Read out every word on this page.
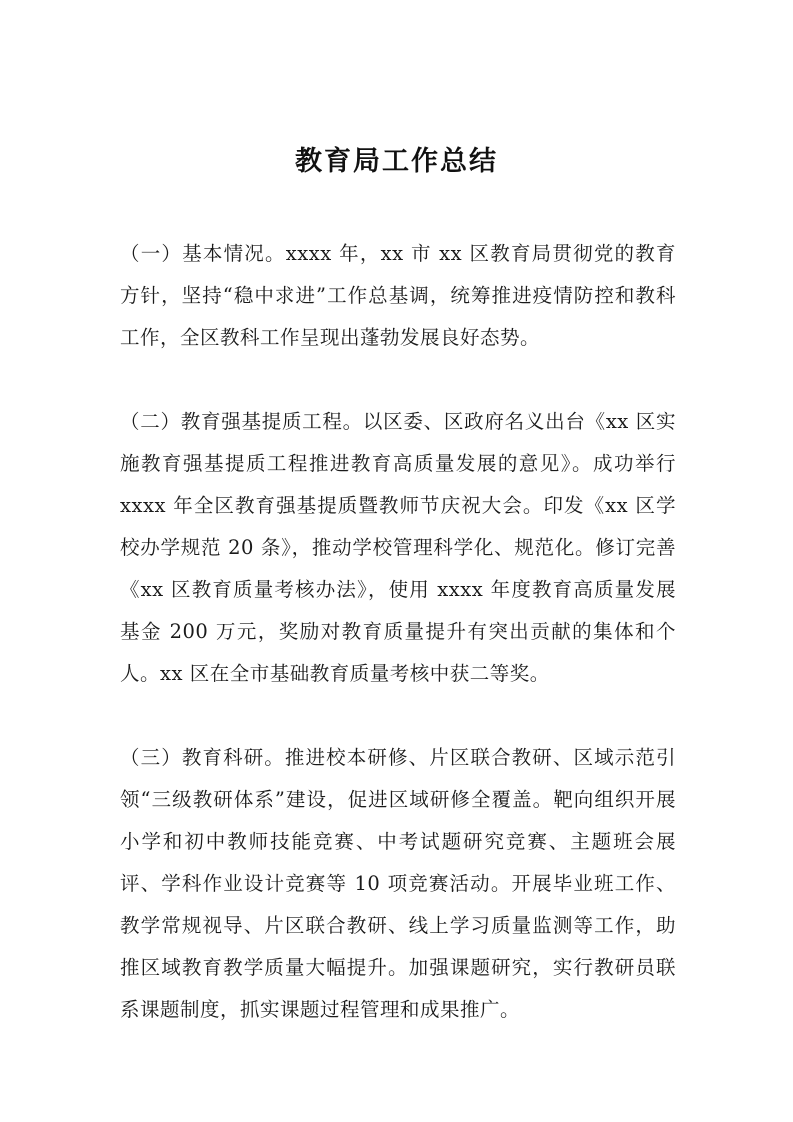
教育局工作总结

（一）基本情况。xxxx 年，xx 市 xx 区教育局贯彻党的教育方针，坚持“稳中求进”工作总基调，统筹推进疫情防控和教科工作，全区教科工作呈现出蓬勃发展良好态势。

（二）教育强基提质工程。以区委、区政府名义出台《xx 区实施教育强基提质工程推进教育高质量发展的意见》。成功举行 xxxx 年全区教育强基提质暨教师节庆祝大会。印发《xx 区学校办学规范 20 条》，推动学校管理科学化、规范化。修订完善《xx 区教育质量考核办法》，使用 xxxx 年度教育高质量发展基金 200 万元，奖励对教育质量提升有突出贡献的集体和个人。xx 区在全市基础教育质量考核中获二等奖。

（三）教育科研。推进校本研修、片区联合教研、区域示范引领“三级教研体系”建设，促进区域研修全覆盖。靶向组织开展小学和初中教师技能竞赛、中考试题研究竞赛、主题班会展评、学科作业设计竞赛等 10 项竞赛活动。开展毕业班工作、教学常规视导、片区联合教研、线上学习质量监测等工作，助推区域教育教学质量大幅提升。加强课题研究，实行教研员联系课题制度，抓实课题过程管理和成果推广。
